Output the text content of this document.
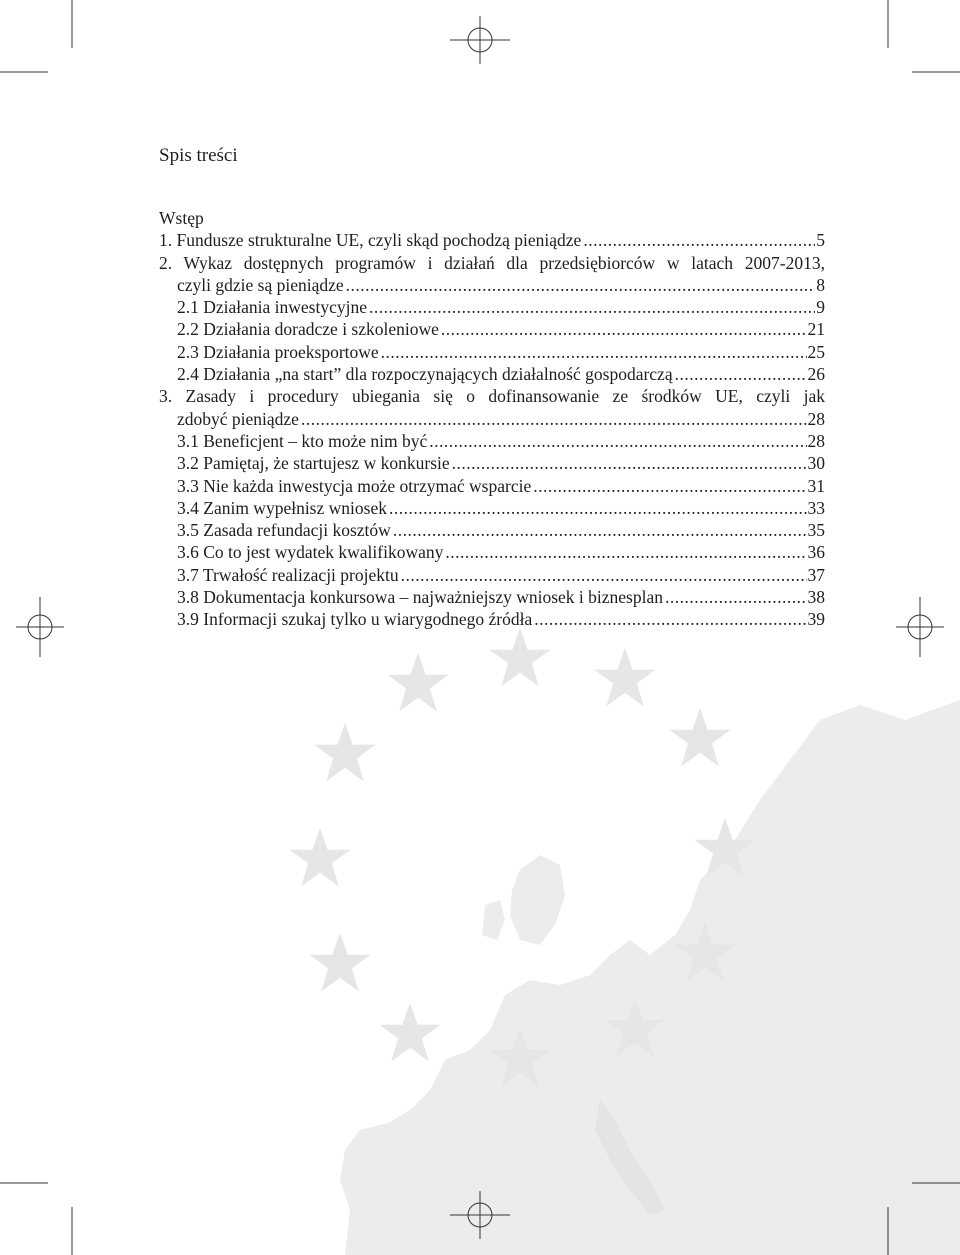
Spis treści
Wstęp
1. Fundusze strukturalne UE, czyli skąd pochodzą pieniądze .....	5
2. Wykaz dostępnych programów i działań dla przedsiębiorców w latach 2007-2013,
czyli gdzie są pieniądze .....	8
2.1 Działania inwestycyjne .....	9
2.2 Działania doradcze i szkoleniowe .....	21
2.3 Działania proeksportowe .....	25
2.4 Działania „na start” dla rozpoczynających działalność gospodarczą .....	26
3. Zasady i procedury ubiegania się o dofinansowanie ze środków UE, czyli jak
zdobyć pieniądze .....	28
3.1 Beneficjent – kto może nim być .....	28
3.2 Pamiętaj, że startujesz w konkursie .....	30
3.3 Nie każda inwestycja może otrzymać wsparcie .....	31
3.4 Zanim wypełnisz wniosek .....	33
3.5 Zasada refundacji kosztów .....	35
3.6 Co to jest wydatek kwalifikowany .....	36
3.7 Trwałość realizacji projektu .....	37
3.8 Dokumentacja konkursowa – najważniejszy wniosek i biznesplan .....	38
3.9 Informacji szukaj tylko u wiarygodnego źródła .....	39
